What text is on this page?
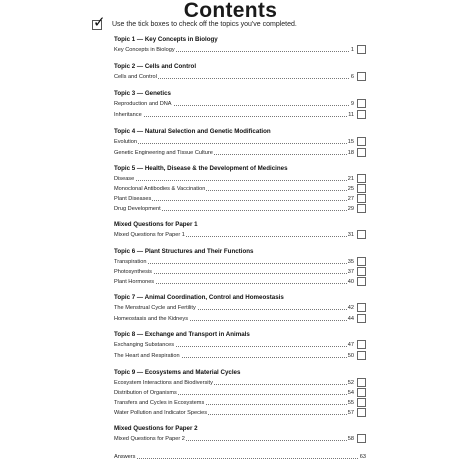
Contents
✓ Use the tick boxes to check off the topics you've completed.
Topic 1 — Key Concepts in Biology
Key Concepts in Biology	1
Topic 2 — Cells and Control
Cells and Control	6
Topic 3 — Genetics
Reproduction and DNA	9
Inheritance	11
Topic 4 — Natural Selection and Genetic Modification
Evolution	15
Genetic Engineering and Tissue Culture	18
Topic 5 — Health, Disease & the Development of Medicines
Disease	21
Monoclonal Antibodies & Vaccination	25
Plant Diseases	27
Drug Development	29
Mixed Questions for Paper 1
Mixed Questions for Paper 1	31
Topic 6 — Plant Structures and Their Functions
Transpiration	35
Photosynthesis	37
Plant Hormones	40
Topic 7 — Animal Coordination, Control and Homeostasis
The Menstrual Cycle and Fertility	42
Homeostasis and the Kidneys	44
Topic 8 — Exchange and Transport in Animals
Exchanging Substances	47
The Heart and Respiration	50
Topic 9 — Ecosystems and Material Cycles
Ecosystem Interactions and Biodiversity	52
Distribution of Organisms	54
Transfers and Cycles in Ecosystems	55
Water Pollution and Indicator Species	57
Mixed Questions for Paper 2
Mixed Questions for Paper 2	58
Answers	63
